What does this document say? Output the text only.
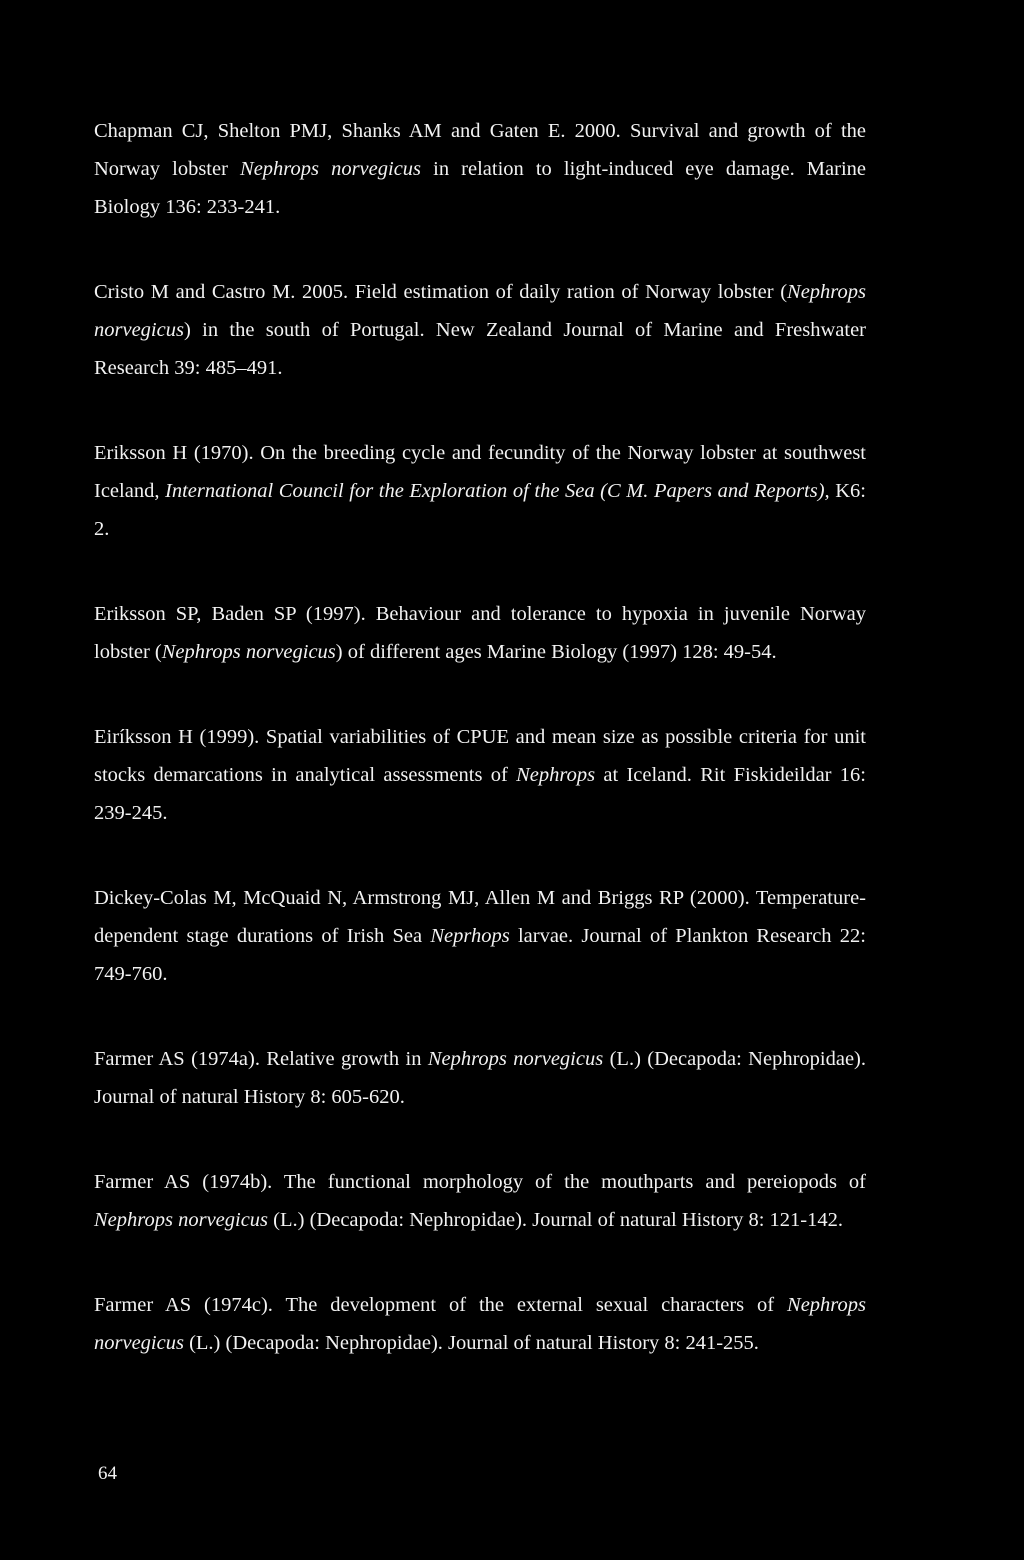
Chapman CJ, Shelton PMJ, Shanks AM and Gaten E. 2000. Survival and growth of the Norway lobster Nephrops norvegicus in relation to light-induced eye damage. Marine Biology 136: 233-241.

Cristo M and Castro M. 2005. Field estimation of daily ration of Norway lobster (Nephrops norvegicus) in the south of Portugal. New Zealand Journal of Marine and Freshwater Research 39: 485–491.

Eriksson H (1970). On the breeding cycle and fecundity of the Norway lobster at southwest Iceland, International Council for the Exploration of the Sea (C M. Papers and Reports), K6: 2.

Eriksson SP, Baden SP (1997). Behaviour and tolerance to hypoxia in juvenile Norway lobster (Nephrops norvegicus) of different ages Marine Biology (1997) 128: 49-54.

Eiríksson H (1999). Spatial variabilities of CPUE and mean size as possible criteria for unit stocks demarcations in analytical assessments of Nephrops at Iceland. Rit Fiskideildar 16: 239-245.

Dickey-Colas M, McQuaid N, Armstrong MJ, Allen M and Briggs RP (2000). Temperature-dependent stage durations of Irish Sea Neprhops larvae. Journal of Plankton Research 22: 749-760.

Farmer AS (1974a). Relative growth in Nephrops norvegicus (L.) (Decapoda: Nephropidae). Journal of natural History 8: 605-620.

Farmer AS (1974b). The functional morphology of the mouthparts and pereiopods of Nephrops norvegicus (L.) (Decapoda: Nephropidae). Journal of natural History 8: 121-142.

Farmer AS (1974c). The development of the external sexual characters of Nephrops norvegicus (L.) (Decapoda: Nephropidae). Journal of natural History 8: 241-255.

64
